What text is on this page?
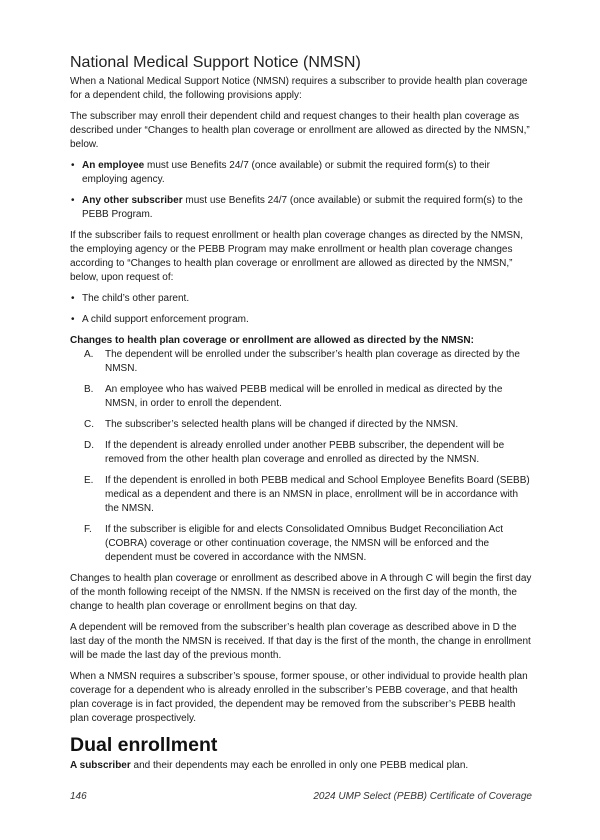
National Medical Support Notice (NMSN)

When a National Medical Support Notice (NMSN) requires a subscriber to provide health plan coverage for a dependent child, the following provisions apply:

The subscriber may enroll their dependent child and request changes to their health plan coverage as described under “Changes to health plan coverage or enrollment are allowed as directed by the NMSN,” below.

• An employee must use Benefits 24/7 (once available) or submit the required form(s) to their employing agency.
• Any other subscriber must use Benefits 24/7 (once available) or submit the required form(s) to the PEBB Program.

If the subscriber fails to request enrollment or health plan coverage changes as directed by the NMSN, the employing agency or the PEBB Program may make enrollment or health plan coverage changes according to “Changes to health plan coverage or enrollment are allowed as directed by the NMSN,” below, upon request of:

• The child’s other parent.
• A child support enforcement program.

Changes to health plan coverage or enrollment are allowed as directed by the NMSN:

A. The dependent will be enrolled under the subscriber’s health plan coverage as directed by the NMSN.
B. An employee who has waived PEBB medical will be enrolled in medical as directed by the NMSN, in order to enroll the dependent.
C. The subscriber’s selected health plans will be changed if directed by the NMSN.
D. If the dependent is already enrolled under another PEBB subscriber, the dependent will be removed from the other health plan coverage and enrolled as directed by the NMSN.
E. If the dependent is enrolled in both PEBB medical and School Employee Benefits Board (SEBB) medical as a dependent and there is an NMSN in place, enrollment will be in accordance with the NMSN.
F. If the subscriber is eligible for and elects Consolidated Omnibus Budget Reconciliation Act (COBRA) coverage or other continuation coverage, the NMSN will be enforced and the dependent must be covered in accordance with the NMSN.

Changes to health plan coverage or enrollment as described above in A through C will begin the first day of the month following receipt of the NMSN. If the NMSN is received on the first day of the month, the change to health plan coverage or enrollment begins on that day.

A dependent will be removed from the subscriber’s health plan coverage as described above in D the last day of the month the NMSN is received. If that day is the first of the month, the change in enrollment will be made the last day of the previous month.

When a NMSN requires a subscriber’s spouse, former spouse, or other individual to provide health plan coverage for a dependent who is already enrolled in the subscriber’s PEBB coverage, and that health plan coverage is in fact provided, the dependent may be removed from the subscriber’s PEBB health plan coverage prospectively.

Dual enrollment

A subscriber and their dependents may each be enrolled in only one PEBB medical plan.

146	2024 UMP Select (PEBB) Certificate of Coverage
